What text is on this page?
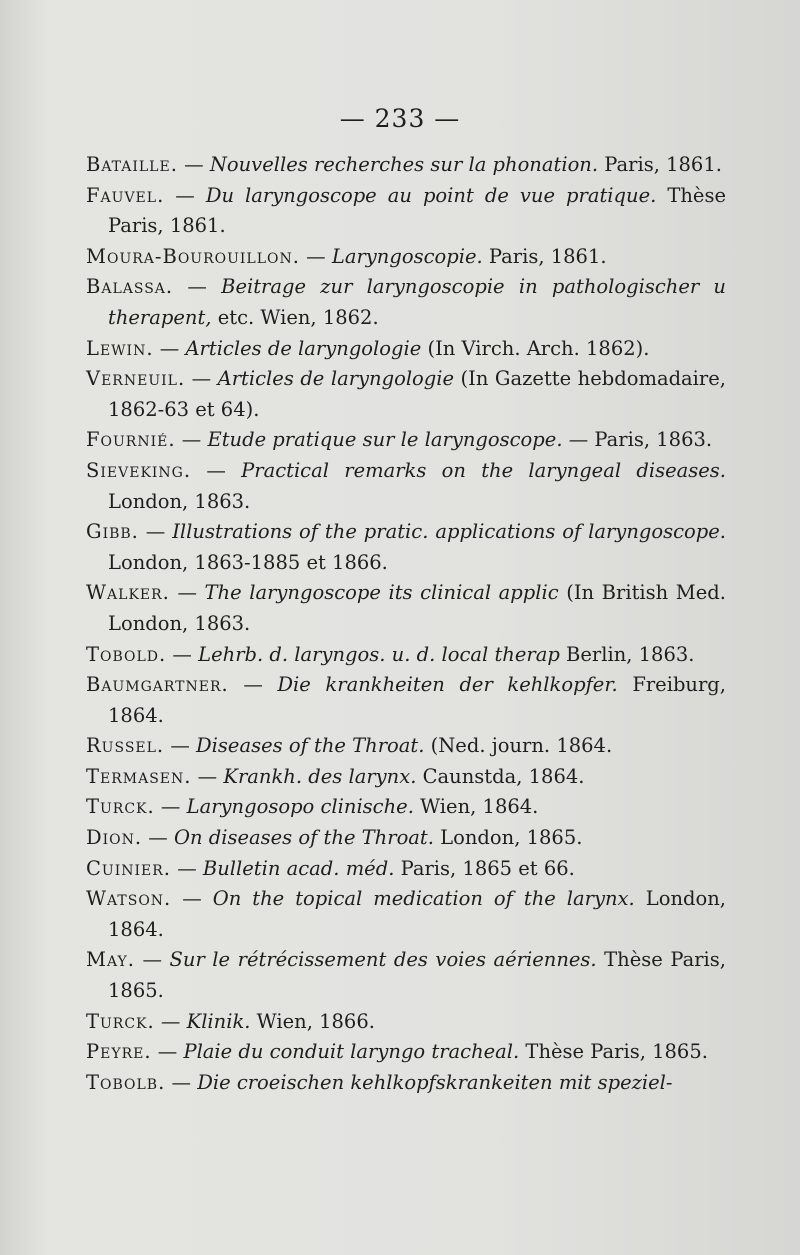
— 233 —
Bataille. — Nouvelles recherches sur la phonation. Paris, 1861.
Fauvel. — Du laryngoscope au point de vue pratique. Thèse Paris, 1861.
Moura-Bourouillon. — Laryngoscopie. Paris, 1861.
Balassa. — Beitrage zur laryngoscopie in pathologischer u therapent, etc. Wien, 1862.
Lewin. — Articles de laryngologie (In Virch. Arch. 1862).
Verneuil. — Articles de laryngologie (In Gazette hebdomadaire, 1862-63 et 64).
Fournié. — Etude pratique sur le laryngoscope. — Paris, 1863.
Sieveking. — Practical remarks on the laryngeal diseases. London, 1863.
Gibb. — Illustrations of the pratic. applications of laryngoscope. London, 1863-1885 et 1866.
Walker. — The laryngoscope its clinical applic (In British Med. London, 1863.
Tobold. — Lehrb. d. laryngos. u. d. local therap Berlin, 1863.
Baumgartner. — Die krankheiten der kehlkopfer. Freiburg, 1864.
Russel. — Diseases of the Throat. (Ned. journ. 1864.
Termasen. — Krankh. des larynx. Caunstda, 1864.
Turck. — Laryngosopo clinische. Wien, 1864.
Dion. — On diseases of the Throat. London, 1865.
Cuinier. — Bulletin acad. méd. Paris, 1865 et 66.
Watson. — On the topical medication of the larynx. London, 1864.
May. — Sur le rétrécissement des voies aériennes. Thèse Paris, 1865.
Turck. — Klinik. Wien, 1866.
Peyre. — Plaie du conduit laryngo tracheal. Thèse Paris, 1865.
Tobolb. — Die croeischen kehlkopfskrankeiten mit speziel-
